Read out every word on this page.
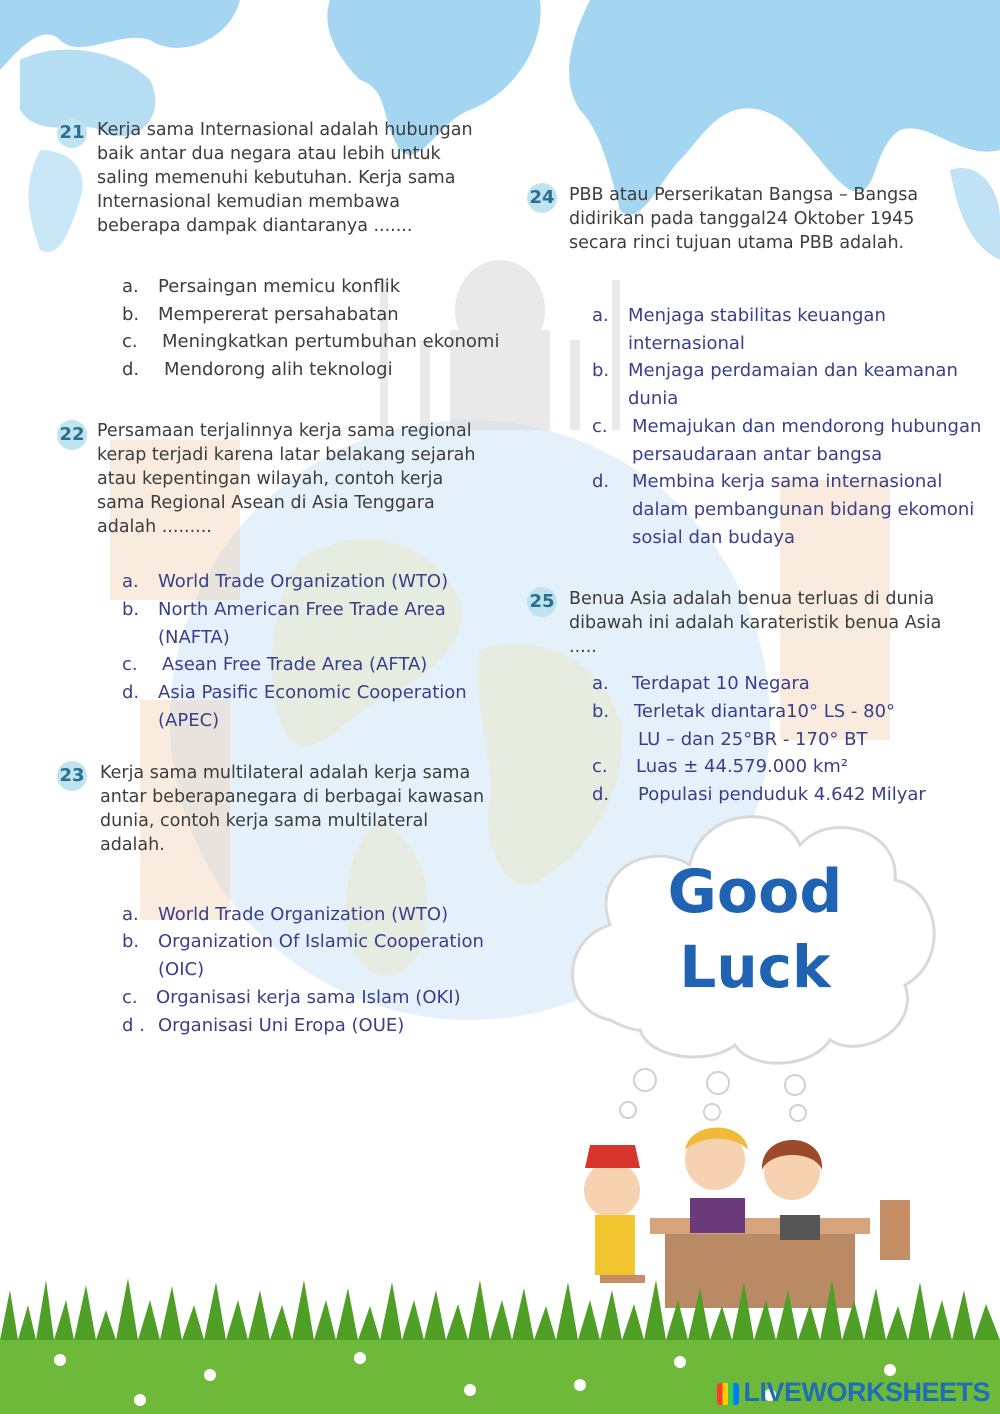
Good
Luck
21 Kerja sama Internasional adalah hubungan baik antar dua negara atau lebih untuk saling memenuhi kebutuhan. Kerja sama Internasional kemudian membawa beberapa dampak diantaranya .......
a. Persaingan memicu konflik
b. Mempererat persahabatan
c. Meningkatkan pertumbuhan ekonomi
d. Mendorong alih teknologi
22 Persamaan terjalinnya kerja sama regional kerap terjadi karena latar belakang sejarah atau kepentingan wilayah, contoh kerja sama Regional Asean di Asia Tenggara adalah .........
a. World Trade Organization (WTO)
b. North American Free Trade Area
(NAFTA)
c. Asean Free Trade Area (AFTA)
d. Asia Pasific Economic Cooperation
(APEC)
23 Kerja sama multilateral adalah kerja sama antar beberapanegara di berbagai kawasan dunia, contoh kerja sama multilateral adalah.
a. World Trade Organization (WTO)
b. Organization Of Islamic Cooperation
(OIC)
c. Organisasi kerja sama Islam (OKI)
d . Organisasi Uni Eropa (OUE)
24 PBB atau Perserikatan Bangsa – Bangsa didirikan pada tanggal24 Oktober 1945 secara rinci tujuan utama PBB adalah.
a. Menjaga stabilitas keuangan
internasional
b. Menjaga perdamaian dan keamanan
dunia
c. Memajukan dan mendorong hubungan
persaudaraan antar bangsa
d. Membina kerja sama internasional
dalam pembangunan bidang ekomoni
sosial dan budaya
25 Benua Asia adalah benua terluas di dunia dibawah ini adalah karateristik benua Asia .....
a. Terdapat 10 Negara
b. Terletak diantara10° LS - 80°
LU – dan 25°BR - 170° BT
c. Luas ± 44.579.000 km²
d. Populasi penduduk 4.642 Milyar
LIVEWORKSHEETS
